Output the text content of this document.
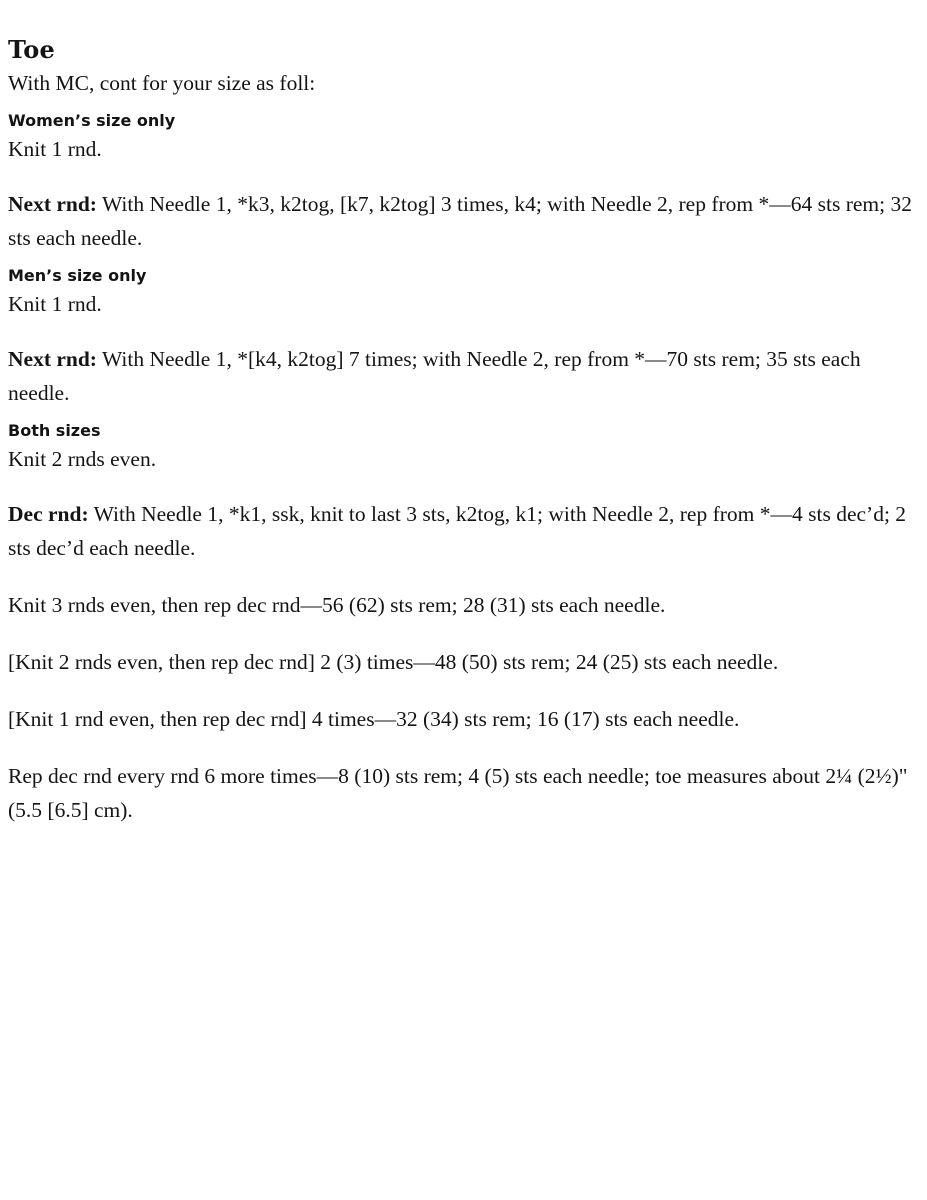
Toe

With MC, cont for your size as foll:

Women’s size only

Knit 1 rnd.

Next rnd: With Needle 1, *k3, k2tog, [k7, k2tog] 3 times, k4; with Needle 2, rep from *—64 sts rem; 32 sts each needle.

Men’s size only

Knit 1 rnd.

Next rnd: With Needle 1, *[k4, k2tog] 7 times; with Needle 2, rep from *—70 sts rem; 35 sts each needle.

Both sizes

Knit 2 rnds even.

Dec rnd: With Needle 1, *k1, ssk, knit to last 3 sts, k2tog, k1; with Needle 2, rep from *—4 sts dec’d; 2 sts dec’d each needle.

Knit 3 rnds even, then rep dec rnd—56 (62) sts rem; 28 (31) sts each needle.

[Knit 2 rnds even, then rep dec rnd] 2 (3) times—48 (50) sts rem; 24 (25) sts each needle.

[Knit 1 rnd even, then rep dec rnd] 4 times—32 (34) sts rem; 16 (17) sts each needle.

Rep dec rnd every rnd 6 more times—8 (10) sts rem; 4 (5) sts each needle; toe measures about 2¼ (2½)" (5.5 [6.5] cm).
